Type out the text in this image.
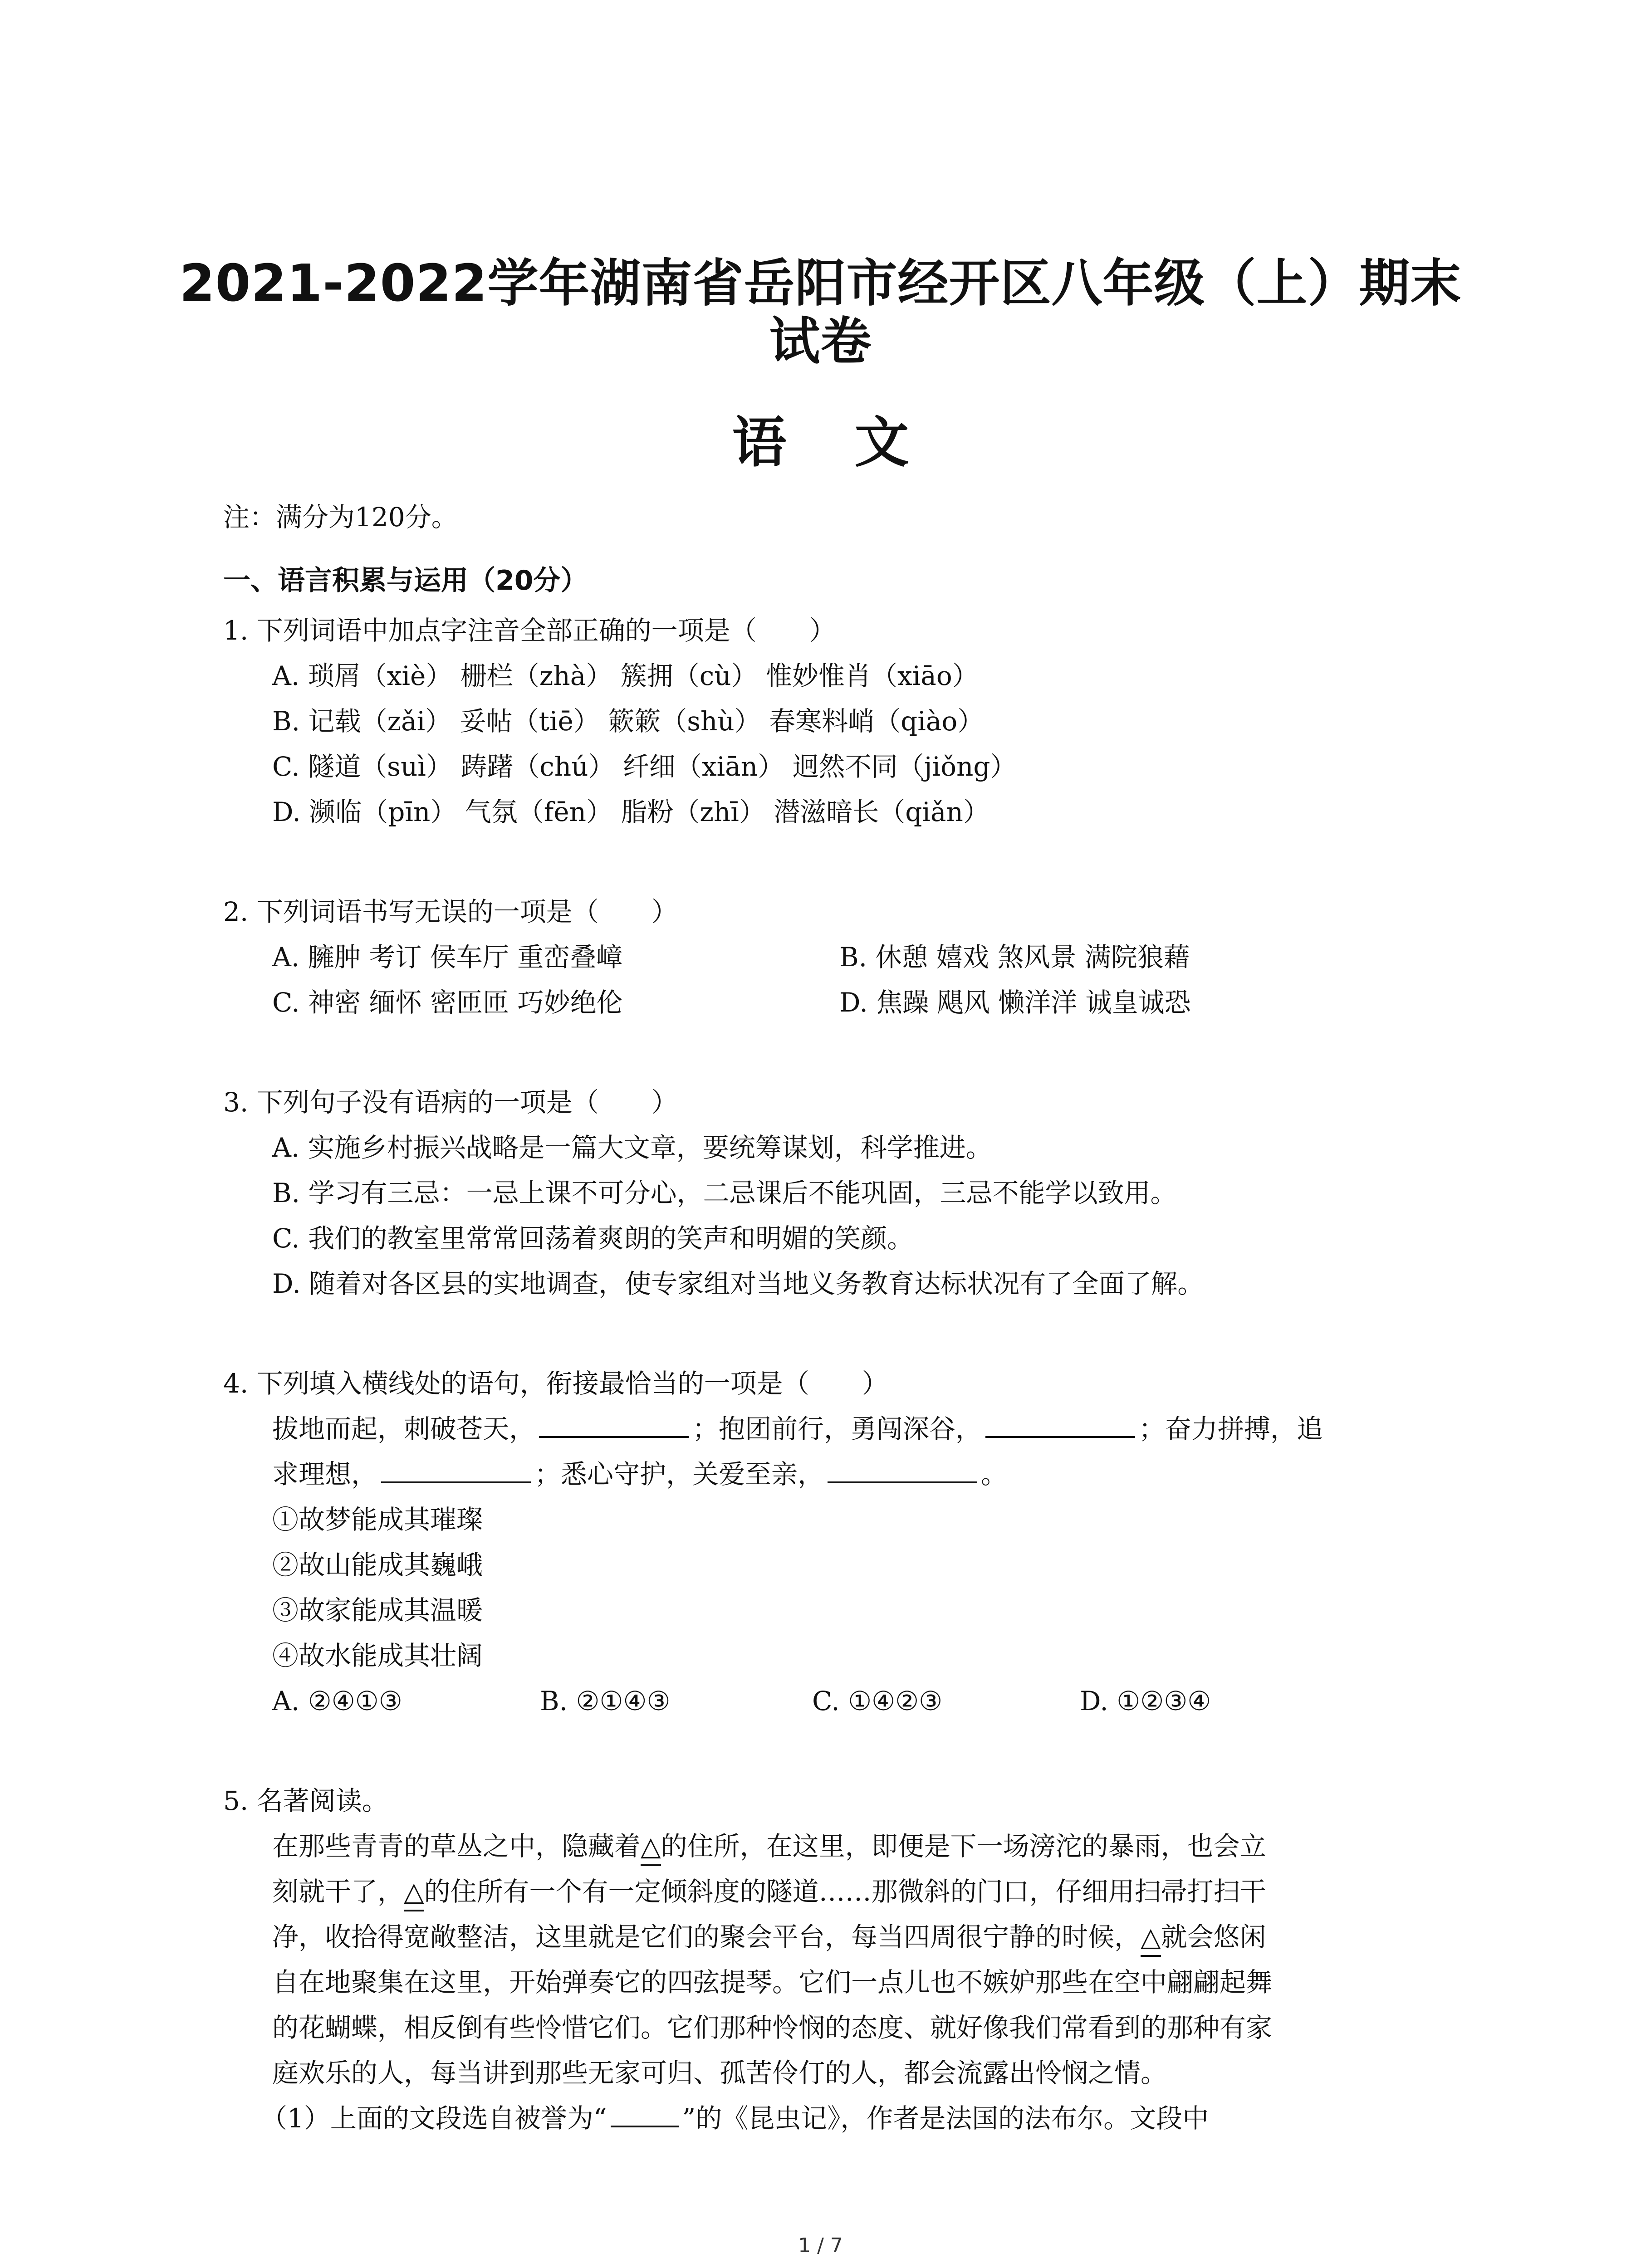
2021-2022学年湖南省岳阳市经开区八年级（上）期末
试卷
语文
注：满分为120分。
一、语言积累与运用（20分）
1. 下列词语中加点字注音全部正确的一项是（　　）
A. 琐屑（xiè） 栅栏（zhà） 簇拥（cù） 惟妙惟肖（xiāo）
B. 记载（zǎi） 妥帖（tiē） 簌簌（shù） 春寒料峭（qiào）
C. 隧道（suì） 踌躇（chú） 纤细（xiān） 迥然不同（jiǒng）
D. 濒临（pīn） 气氛（fēn） 脂粉（zhī） 潜滋暗长（qiǎn）
2. 下列词语书写无误的一项是（　　）
A. 臃肿 考订 侯车厅 重峦叠嶂	B. 休憩 嬉戏 煞风景 满院狼藉
C. 神密 缅怀 密匝匝 巧妙绝伦	D. 焦躁 飓风 懒洋洋 诚皇诚恐
3. 下列句子没有语病的一项是（　　）
A. 实施乡村振兴战略是一篇大文章，要统筹谋划，科学推进。
B. 学习有三忌：一忌上课不可分心，二忌课后不能巩固，三忌不能学以致用。
C. 我们的教室里常常回荡着爽朗的笑声和明媚的笑颜。
D. 随着对各区县的实地调查，使专家组对当地义务教育达标状况有了全面了解。
4. 下列填入横线处的语句，衔接最恰当的一项是（　　）
拔地而起，刺破苍天，	；抱团前行，勇闯深谷，	；奋力拼搏，追
求理想，	；悉心守护，关爱至亲，	。
①故梦能成其璀璨
②故山能成其巍峨
③故家能成其温暖
④故水能成其壮阔
A. ②④①③	B. ②①④③	C. ①④②③	D. ①②③④
5. 名著阅读。
在那些青青的草丛之中，隐藏着△的住所，在这里，即便是下一场滂沱的暴雨，也会立
刻就干了，△的住所有一个有一定倾斜度的隧道……那微斜的门口，仔细用扫帚打扫干
净，收拾得宽敞整洁，这里就是它们的聚会平台，每当四周很宁静的时候，△就会悠闲
自在地聚集在这里，开始弹奏它的四弦提琴。它们一点儿也不嫉妒那些在空中翩翩起舞
的花蝴蝶，相反倒有些怜惜它们。它们那种怜悯的态度、就好像我们常看到的那种有家
庭欢乐的人，每当讲到那些无家可归、孤苦伶仃的人，都会流露出怜悯之情。
（1）上面的文段选自被誉为“	”的《昆虫记》，作者是法国的法布尔。文段中
1 / 7
